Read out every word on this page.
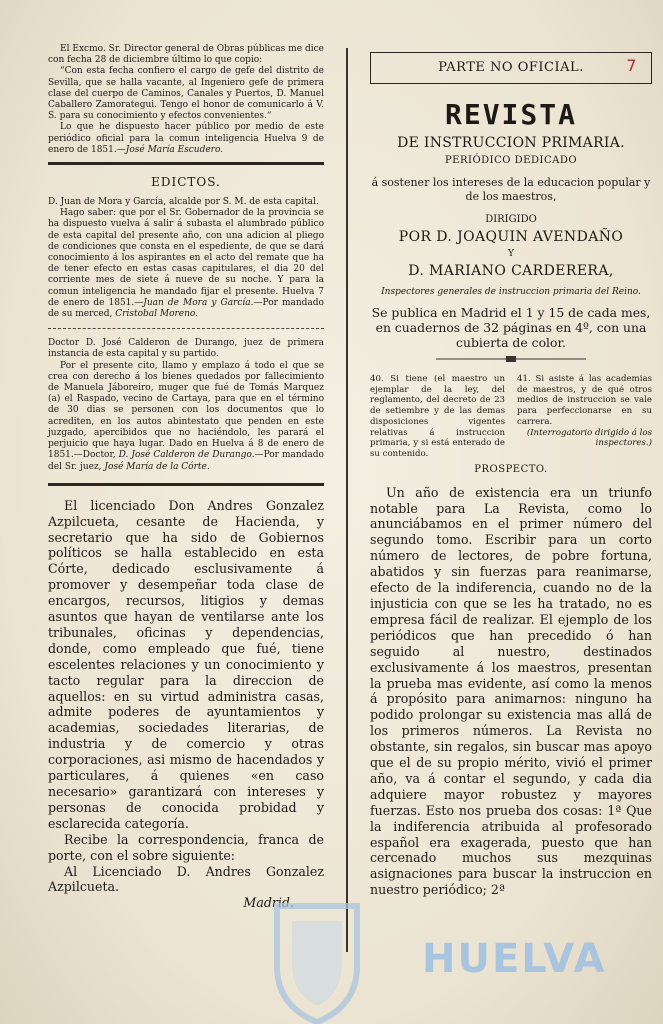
El Excmo. Sr. Director general de Obras públicas me dice con fecha 28 de diciembre último lo que copio:

“Con esta fecha confiero el cargo de gefe del distrito de Sevilla, que se halla vacante, al Ingeniero gefe de primera clase del cuerpo de Caminos, Canales y Puertos, D. Manuel Caballero Zamorategui. Tengo el honor de comunicarlo á V. S. para su conocimiento y efectos convenientes.“

Lo que he dispuesto hacer público por medio de este periódico oficial para la comun inteligencia Huelva 9 de enero de 1851.—José María Escudero.

EDICTOS.

D. Juan de Mora y García, alcalde por S. M. de esta capital.

Hago saber: que por el Sr. Gobernador de la provincia se ha dispuesto vuelva á salir á subasta el alumbrado público de esta capital del presente año, con una adicion al pliego de condiciones que consta en el espediente, de que se dará conocimiento á los aspirantes en el acto del remate que ha de tener efecto en estas casas capitulares, el dia 20 del corriente mes de siete á nueve de su noche. Y para la comun inteligencia he mandado fijar el presente. Huelva 7 de enero de 1851.—Juan de Mora y García.—Por mandado de su merced, Cristobal Moreno.

Doctor D. José Calderon de Durango, juez de primera instancia de esta capital y su partido.

Por el presente cito, llamo y emplazo á todo el que se crea con derecho á los bienes quedados por fallecimiento de Manuela Jáboreiro, muger que fué de Tomás Marquez (a) el Raspado, vecino de Cartaya, para que en el término de 30 dias se personen con los documentos que lo acrediten, en los autos abintestato que penden en este juzgado, apercibidos que no haciéndolo, les parará el perjuicio que haya lugar. Dado en Huelva á 8 de enero de 1851.—Doctor, D. José Calderon de Durango.—Por mandado del Sr. juez, José María de la Córte.

El licenciado Don Andres Gonzalez Azpilcueta, cesante de Hacienda, y secretario que ha sido de Gobiernos políticos se halla establecido en esta Córte, dedicado esclusivamente á promover y desempeñar toda clase de encargos, recursos, litigios y demas asuntos que hayan de ventilarse ante los tribunales, oficinas y dependencias, donde, como empleado que fué, tiene escelentes relaciones y un conocimiento y tacto regular para la direccion de aquellos: en su virtud administra casas, admite poderes de ayuntamientos y academias, sociedades literarias, de industria y de comercio y otras corporaciones, asi mismo de hacendados y particulares, á quienes «en caso necesario» garantizará con intereses y personas de conocida probidad y esclarecida categoría.

Recibe la correspondencia, franca de porte, con el sobre siguiente:

Al Licenciado D. Andres Gonzalez Azpilcueta.

Madrid.

PARTE NO OFICIAL.	7
REVISTA
DE INSTRUCCION PRIMARIA.
PERIÓDICO DEDICADO
á sostener los intereses de la educacion popular y de los maestros,
DIRIGIDO
POR D. JOAQUIN AVENDAÑO
Y
D. MARIANO CARDERERA,
Inspectores generales de instruccion primaria del Reino.
Se publica en Madrid el 1 y 15 de cada mes, en cuadernos de 32 páginas en 4º, con una cubierta de color.

40. Si tiene (el maestro un ejemplar de la ley, del reglamento, del decreto de 23 de setiembre y de las demas disposiciones vigentes relativas á instruccion primaria, y si está enterado de su contenido.

41. Si asiste á las academias de maestros, y de qué otros medios de instruccion se vale para perfeccionarse en su carrera.

(Interrogatorio dirigido á los inspectores.)

PROSPECTO.

Un año de existencia era un triunfo notable para La Revista, como lo anunciábamos en el primer número del segundo tomo. Escribir para un corto número de lectores, de pobre fortuna, abatidos y sin fuerzas para reanimarse, efecto de la indiferencia, cuando no de la injusticia con que se les ha tratado, no es empresa fácil de realizar. El ejemplo de los periódicos que han precedido ó han seguido al nuestro, destinados exclusivamente á los maestros, presentan la prueba mas evidente, así como la menos á propósito para animarnos: ninguno ha podido prolongar su existencia mas allá de los primeros números. La Revista no obstante, sin regalos, sin buscar mas apoyo que el de su propio mérito, vivió el primer año, va á contar el segundo, y cada dia adquiere mayor robustez y mayores fuerzas. Esto nos prueba dos cosas: 1ª Que la indiferencia atribuida al profesorado español era exagerada, puesto que han cercenado muchos sus mezquinas asignaciones para buscar la instruccion en nuestro periódico; 2ª

HUELVA
